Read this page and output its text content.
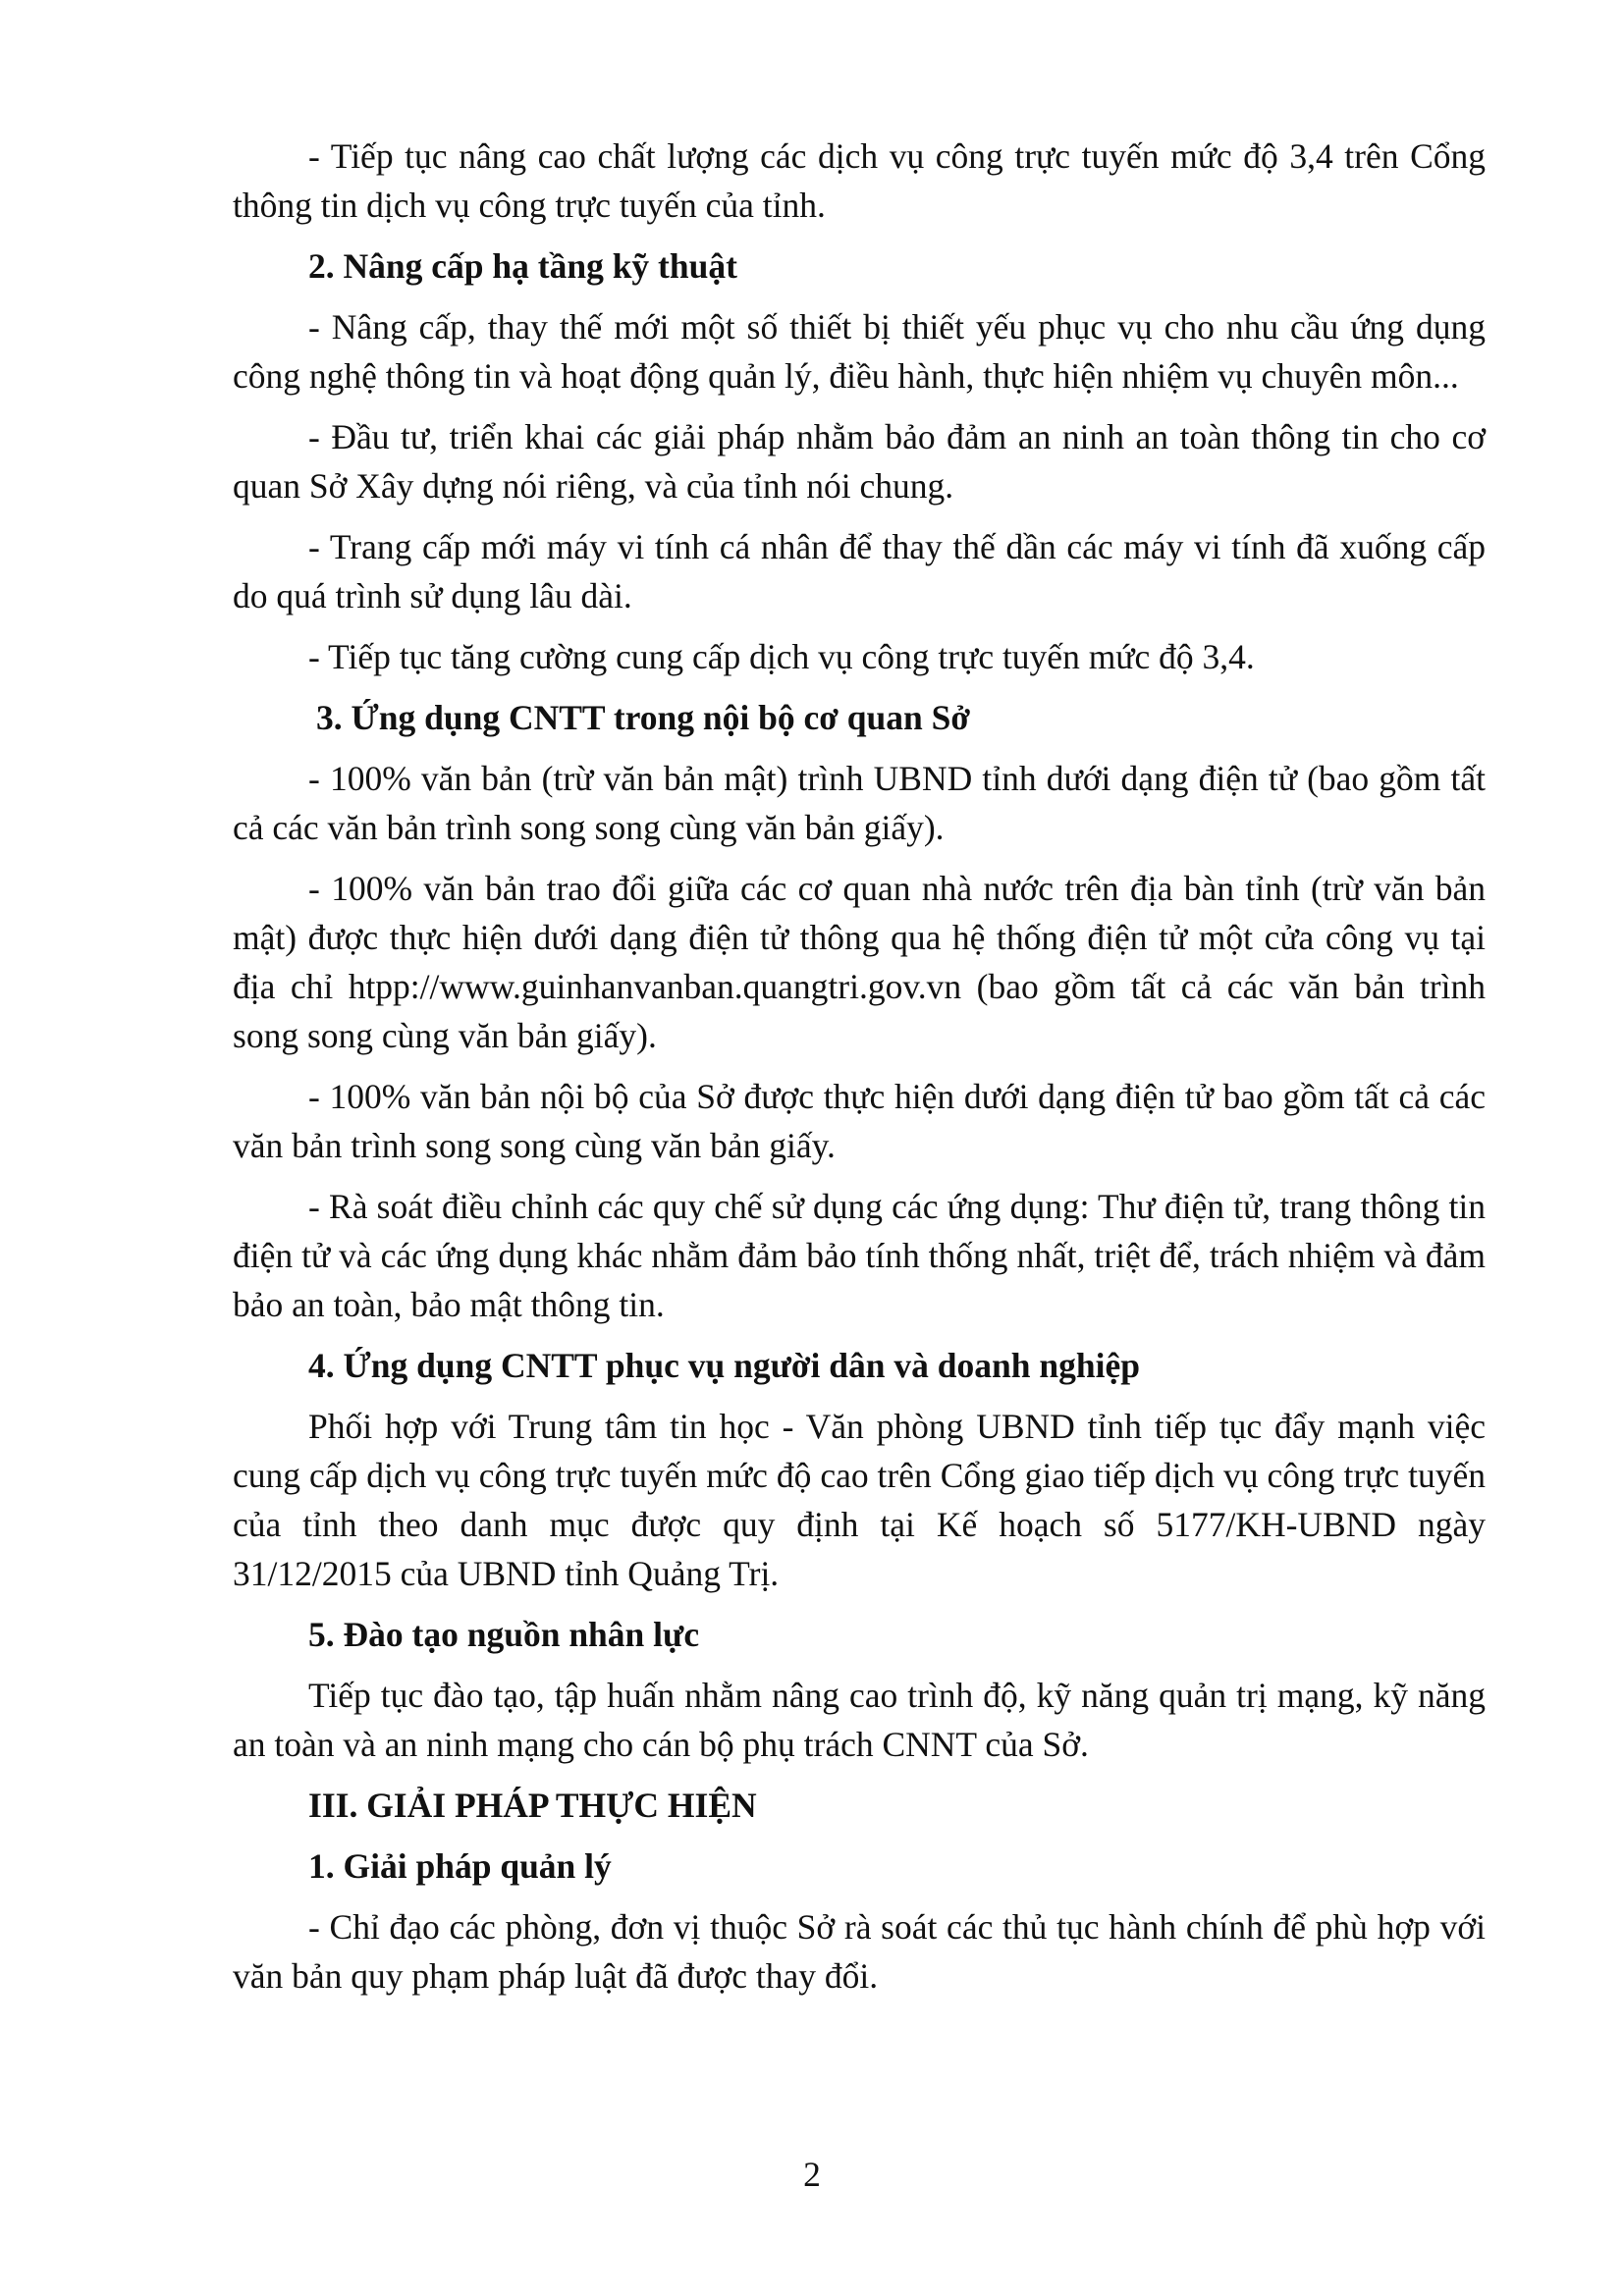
- Tiếp tục nâng cao chất lượng các dịch vụ công trực tuyến mức độ 3,4 trên Cổng thông tin dịch vụ công trực tuyến của tỉnh.

2. Nâng cấp hạ tầng kỹ thuật

- Nâng cấp, thay thế mới một số thiết bị thiết yếu phục vụ cho nhu cầu ứng dụng công nghệ thông tin và hoạt động quản lý, điều hành, thực hiện nhiệm vụ chuyên môn...

- Đầu tư, triển khai các giải pháp nhằm bảo đảm an ninh an toàn thông tin cho cơ quan Sở Xây dựng nói riêng, và của tỉnh nói chung.

- Trang cấp mới máy vi tính cá nhân để thay thế dần các máy vi tính đã xuống cấp do quá trình sử dụng lâu dài.

- Tiếp tục tăng cường cung cấp dịch vụ công trực tuyến mức độ 3,4.

3. Ứng dụng CNTT trong nội bộ cơ quan Sở

- 100% văn bản (trừ văn bản mật) trình UBND tỉnh dưới dạng điện tử (bao gồm tất cả các văn bản trình song song cùng văn bản giấy).

- 100% văn bản trao đổi giữa các cơ quan nhà nước trên địa bàn tỉnh (trừ văn bản mật) được thực hiện dưới dạng điện tử thông qua hệ thống điện tử một cửa công vụ tại địa chỉ htpp://www.guinhanvanban.quangtri.gov.vn (bao gồm tất cả các văn bản trình song song cùng văn bản giấy).

- 100% văn bản nội bộ của Sở được thực hiện dưới dạng điện tử bao gồm tất cả các văn bản trình song song cùng văn bản giấy.

- Rà soát điều chỉnh các quy chế sử dụng các ứng dụng: Thư điện tử, trang thông tin điện tử và các ứng dụng khác nhằm đảm bảo tính thống nhất, triệt để, trách nhiệm và đảm bảo an toàn, bảo mật thông tin.

4. Ứng dụng CNTT phục vụ người dân và doanh nghiệp

Phối hợp với Trung tâm tin học - Văn phòng UBND tỉnh tiếp tục đẩy mạnh việc cung cấp dịch vụ công trực tuyến mức độ cao trên Cổng giao tiếp dịch vụ công trực tuyến của tỉnh theo danh mục được quy định tại Kế hoạch số 5177/KH-UBND ngày 31/12/2015 của UBND tỉnh Quảng Trị.

5. Đào tạo nguồn nhân lực

Tiếp tục đào tạo, tập huấn nhằm nâng cao trình độ, kỹ năng quản trị mạng, kỹ năng an toàn và an ninh mạng cho cán bộ phụ trách CNNT của Sở.

III. GIẢI PHÁP THỰC HIỆN

1. Giải pháp quản lý

- Chỉ đạo các phòng, đơn vị thuộc Sở rà soát các thủ tục hành chính để phù hợp với văn bản quy phạm pháp luật đã được thay đổi.

2
